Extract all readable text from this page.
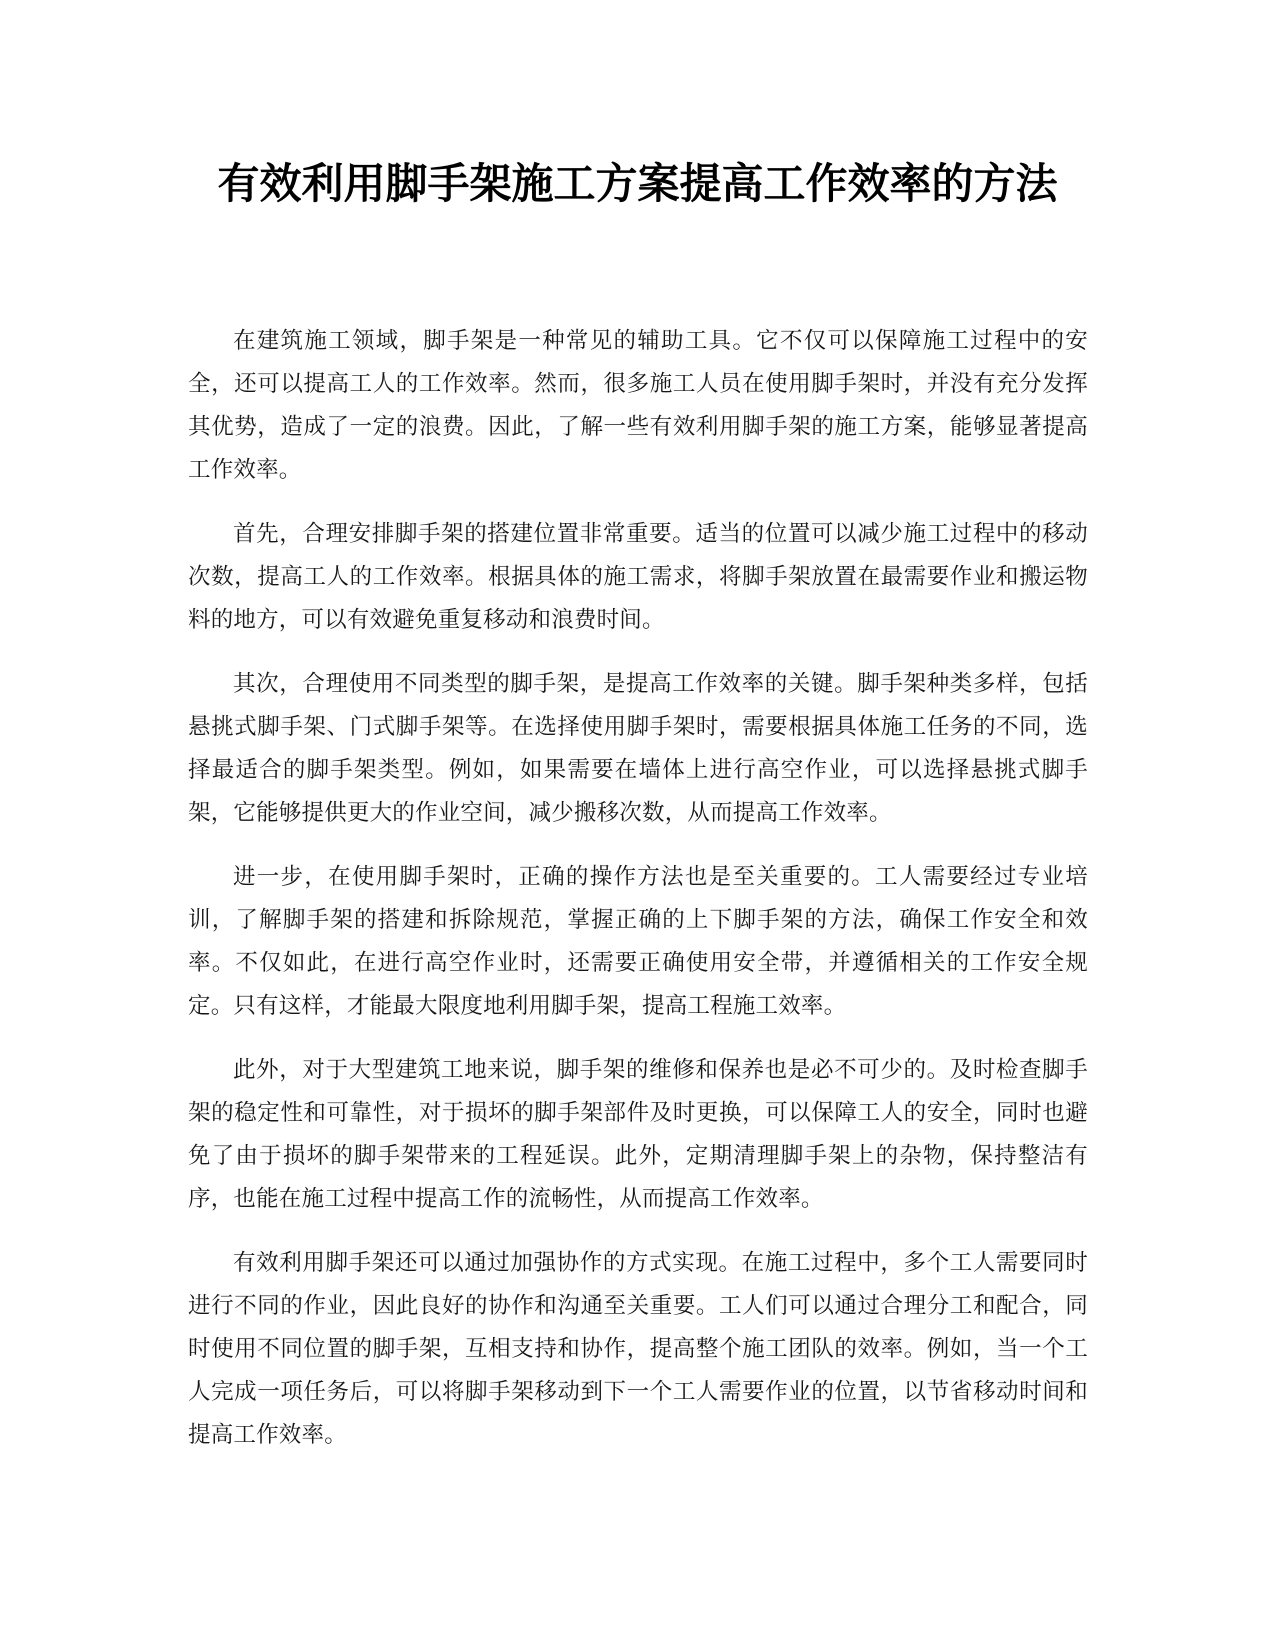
有效利用脚手架施工方案提高工作效率的方法

在建筑施工领域，脚手架是一种常见的辅助工具。它不仅可以保障施工过程中的安全，还可以提高工人的工作效率。然而，很多施工人员在使用脚手架时，并没有充分发挥其优势，造成了一定的浪费。因此，了解一些有效利用脚手架的施工方案，能够显著提高工作效率。

首先，合理安排脚手架的搭建位置非常重要。适当的位置可以减少施工过程中的移动次数，提高工人的工作效率。根据具体的施工需求，将脚手架放置在最需要作业和搬运物料的地方，可以有效避免重复移动和浪费时间。

其次，合理使用不同类型的脚手架，是提高工作效率的关键。脚手架种类多样，包括悬挑式脚手架、门式脚手架等。在选择使用脚手架时，需要根据具体施工任务的不同，选择最适合的脚手架类型。例如，如果需要在墙体上进行高空作业，可以选择悬挑式脚手架，它能够提供更大的作业空间，减少搬移次数，从而提高工作效率。

进一步，在使用脚手架时，正确的操作方法也是至关重要的。工人需要经过专业培训，了解脚手架的搭建和拆除规范，掌握正确的上下脚手架的方法，确保工作安全和效率。不仅如此，在进行高空作业时，还需要正确使用安全带，并遵循相关的工作安全规定。只有这样，才能最大限度地利用脚手架，提高工程施工效率。

此外，对于大型建筑工地来说，脚手架的维修和保养也是必不可少的。及时检查脚手架的稳定性和可靠性，对于损坏的脚手架部件及时更换，可以保障工人的安全，同时也避免了由于损坏的脚手架带来的工程延误。此外，定期清理脚手架上的杂物，保持整洁有序，也能在施工过程中提高工作的流畅性，从而提高工作效率。

有效利用脚手架还可以通过加强协作的方式实现。在施工过程中，多个工人需要同时进行不同的作业，因此良好的协作和沟通至关重要。工人们可以通过合理分工和配合，同时使用不同位置的脚手架，互相支持和协作，提高整个施工团队的效率。例如，当一个工人完成一项任务后，可以将脚手架移动到下一个工人需要作业的位置，以节省移动时间和提高工作效率。
